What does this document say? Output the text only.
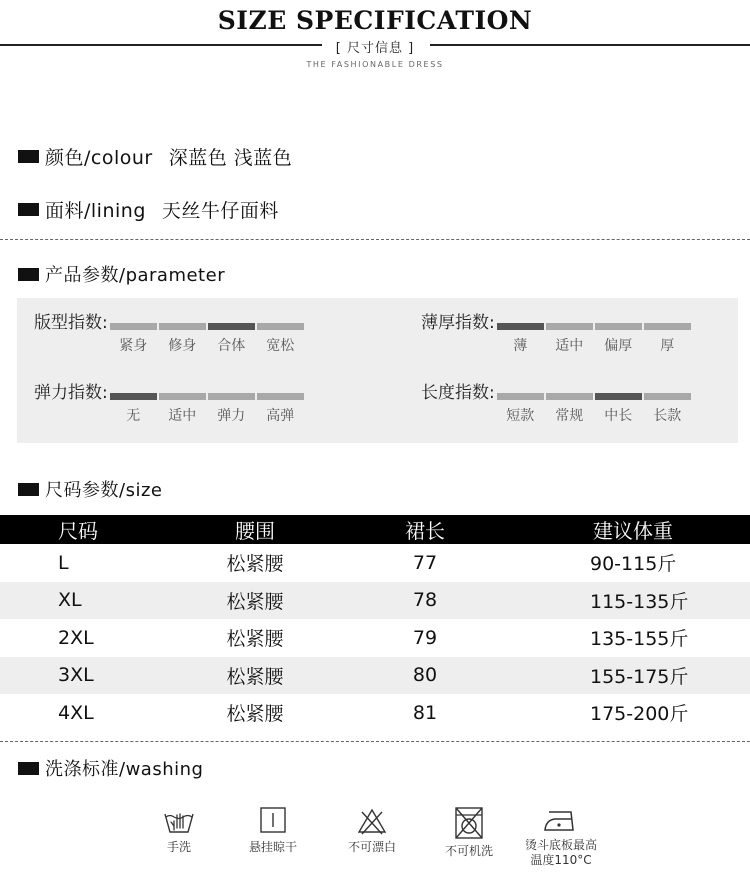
SIZE SPECIFICATION
[ 尺寸信息 ]
THE FASHIONABLE DRESS
颜色/colour 深蓝色 浅蓝色
面料/lining 天丝牛仔面料
产品参数/parameter
版型指数:
紧身	修身	合体	宽松
薄厚指数:
薄	适中	偏厚	厚
弹力指数:
无	适中	弹力	高弹
长度指数:
短款	常规	中长	长款
尺码参数/size
尺码	腰围	裙长	建议体重
L	松紧腰	77	90-115斤
XL	松紧腰	78	115-135斤
2XL	松紧腰	79	135-155斤
3XL	松紧腰	80	155-175斤
4XL	松紧腰	81	175-200斤
洗涤标准/washing
手洗	悬挂晾干	不可漂白	不可机洗	烫斗底板最高
温度110°C
